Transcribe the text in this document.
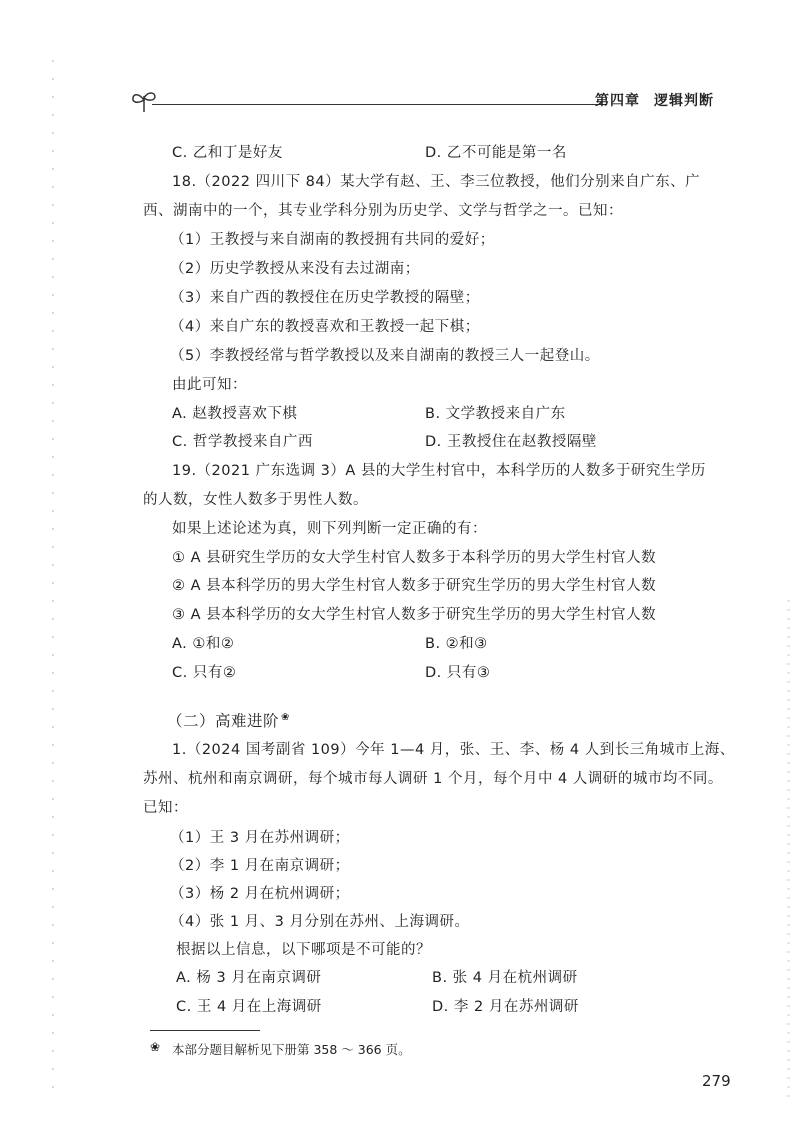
第四章 逻辑判断
C. 乙和丁是好友	D. 乙不可能是第一名
18.（2022 四川下 84）某大学有赵、王、李三位教授，他们分别来自广东、广
西、湖南中的一个，其专业学科分别为历史学、文学与哲学之一。已知：
（1）王教授与来自湖南的教授拥有共同的爱好；
（2）历史学教授从来没有去过湖南；
（3）来自广西的教授住在历史学教授的隔壁；
（4）来自广东的教授喜欢和王教授一起下棋；
（5）李教授经常与哲学教授以及来自湖南的教授三人一起登山。
由此可知：
A. 赵教授喜欢下棋	B. 文学教授来自广东
C. 哲学教授来自广西	D. 王教授住在赵教授隔壁
19.（2021 广东选调 3）A 县的大学生村官中，本科学历的人数多于研究生学历
的人数，女性人数多于男性人数。
如果上述论述为真，则下列判断一定正确的有：
① A 县研究生学历的女大学生村官人数多于本科学历的男大学生村官人数
② A 县本科学历的男大学生村官人数多于研究生学历的男大学生村官人数
③ A 县本科学历的女大学生村官人数多于研究生学历的男大学生村官人数
A. ①和②	B. ②和③
C. 只有②	D. 只有③
（二）高难进阶 ❀
1.（2024 国考副省 109）今年 1—4 月，张、王、李、杨 4 人到长三角城市上海、
苏州、杭州和南京调研，每个城市每人调研 1 个月，每个月中 4 人调研的城市均不同。
已知：
（1）王 3 月在苏州调研；
（2）李 1 月在南京调研；
（3）杨 2 月在杭州调研；
（4）张 1 月、3 月分别在苏州、上海调研。
根据以上信息，以下哪项是不可能的？
A. 杨 3 月在南京调研	B. 张 4 月在杭州调研
C. 王 4 月在上海调研	D. 李 2 月在苏州调研
❀ 本部分题目解析见下册第 358 ～ 366 页。
279
